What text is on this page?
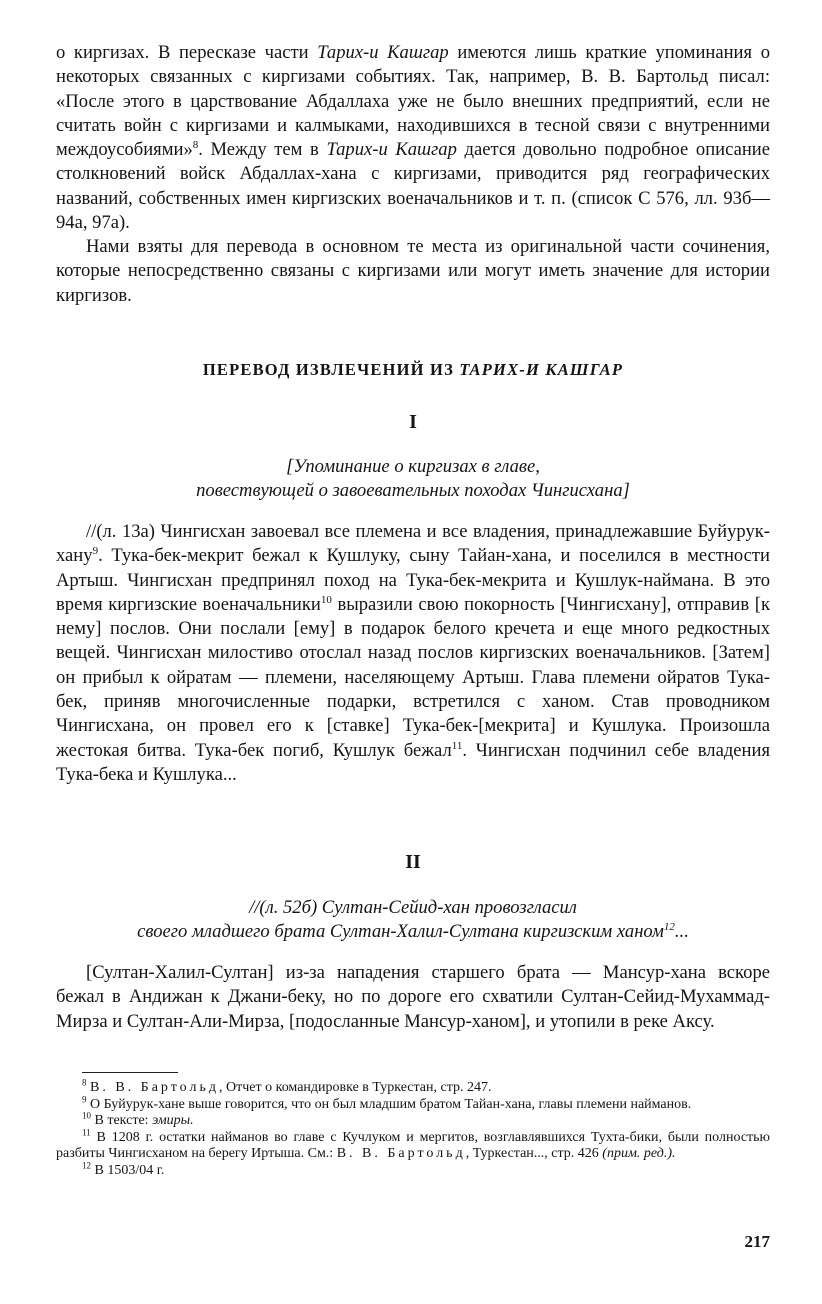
о киргизах. В пересказе части Тарих-и Кашгар имеются лишь краткие упоминания о некоторых связанных с киргизами событиях. Так, например, В. В. Бартольд писал: «После этого в царствование Абдаллаха уже не было внешних предприятий, если не считать войн с киргизами и калмыками, находившихся в тесной связи с внутренними междоусобиями»$^8$. Между тем в Тарих-и Кашгар дается довольно подробное описание столкновений войск Абдаллах-хана с киргизами, приводится ряд географических названий, собственных имен киргизских военачальников и т. п. (список С 576, лл. 93б—94а, 97а).

Нами взяты для перевода в основном те места из оригинальной части сочинения, которые непосредственно связаны с киргизами или могут иметь значение для истории киргизов.

ПЕРЕВОД ИЗВЛЕЧЕНИЙ ИЗ ТАРИХ-И КАШГАР

I

[Упоминание о киргизах в главе,
повествующей о завоевательных походах Чингисхана]

//(л. 13а) Чингисхан завоевал все племена и все владения, принадлежавшие Буйурук-хану$^9$. Тука-бек-мекрит бежал к Кушлуку, сыну Тайан-хана, и поселился в местности Артыш. Чингисхан предпринял поход на Тука-бек-мекрита и Кушлук-наймана. В это время киргизские военачальники$^{10}$ выразили свою покорность [Чингисхану], отправив [к нему] послов. Они послали [ему] в подарок белого кречета и еще много редкостных вещей. Чингисхан милостиво отослал назад послов киргизских военачальников. [Затем] он прибыл к ойратам — племени, населяющему Артыш. Глава племени ойратов Тука-бек, приняв многочисленные подарки, встретился с ханом. Став проводником Чингисхана, он провел его к [ставке] Тука-бек-[мекрита] и Кушлука. Произошла жестокая битва. Тука-бек погиб, Кушлук бежал$^{11}$. Чингисхан подчинил себе владения Тука-бека и Кушлука...

II

//(л. 52б) Султан-Сейид-хан провозгласил
своего младшего брата Султан-Халил-Султана киргизским ханом$^{12}$...

[Султан-Халил-Султан] из-за нападения старшего брата — Мансур-хана вскоре бежал в Андижан к Джани-беку, но по дороге его схватили Султан-Сейид-Мухаммад-Мирза и Султан-Али-Мирза, [подосланные Мансур-ханом], и утопили в реке Аксу.

$^8$ В. В. Бартольд, Отчет о командировке в Туркестан, стр. 247.

$^9$ О Буйурук-хане выше говорится, что он был младшим братом Тайан-хана, главы племени найманов.

$^{10}$ В тексте: эмиры.

$^{11}$ В 1208 г. остатки найманов во главе с Кучлуком и мергитов, возглавлявшихся Тухта-бики, были полностью разбиты Чингисханом на берегу Иртыша. См.: В. В. Бартольд, Туркестан..., стр. 426 (прим. ред.).

$^{12}$ В 1503/04 г.

217
